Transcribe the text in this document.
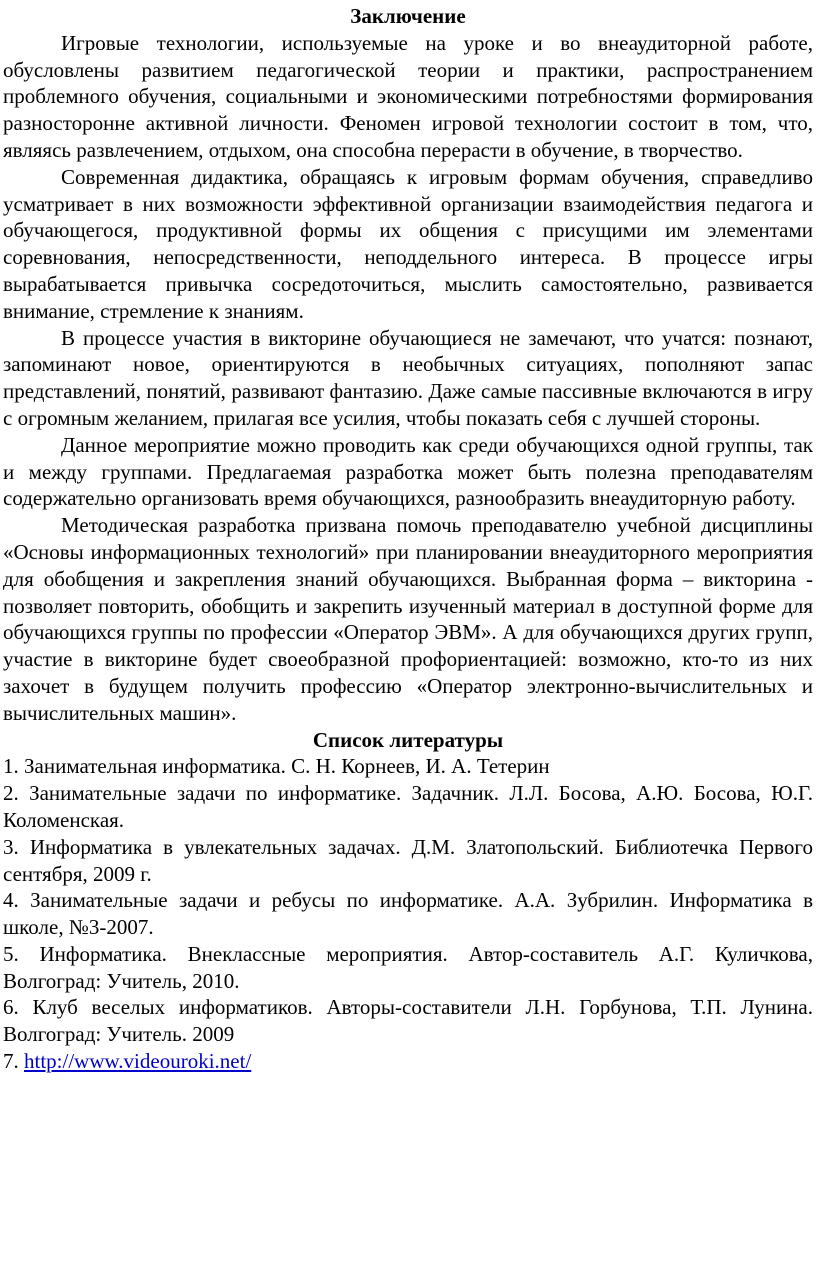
Заключение

Игровые технологии, используемые на уроке и во внеаудиторной работе, обусловлены развитием педагогической теории и практики, распространением проблемного обучения, социальными и экономическими потребностями формирования разносторонне активной личности. Феномен игровой технологии состоит в том, что, являясь развлечением, отдыхом, она способна перерасти в обучение, в творчество.

Современная дидактика, обращаясь к игровым формам обучения, справедливо усматривает в них возможности эффективной организации взаимодействия педагога и обучающегося, продуктивной формы их общения с присущими им элементами соревнования, непосредственности, неподдельного интереса. В процессе игры вырабатывается привычка сосредоточиться, мыслить самостоятельно, развивается внимание, стремление к знаниям.

В процессе участия в викторине обучающиеся не замечают, что учатся: познают, запоминают новое, ориентируются в необычных ситуациях, пополняют запас представлений, понятий, развивают фантазию. Даже самые пассивные включаются в игру с огромным желанием, прилагая все усилия, чтобы показать себя с лучшей стороны.

Данное мероприятие можно проводить как среди обучающихся одной группы, так и между группами. Предлагаемая разработка может быть полезна преподавателям содержательно организовать время обучающихся, разнообразить внеаудиторную работу.

Методическая разработка призвана помочь преподавателю учебной дисциплины «Основы информационных технологий» при планировании внеаудиторного мероприятия для обобщения и закрепления знаний обучающихся. Выбранная форма – викторина - позволяет повторить, обобщить и закрепить изученный материал в доступной форме для обучающихся группы по профессии «Оператор ЭВМ». А для обучающихся других групп, участие в викторине будет своеобразной профориентацией: возможно, кто-то из них захочет в будущем получить профессию «Оператор электронно-вычислительных и вычислительных машин».

Список литературы
1. Занимательная информатика. С. Н. Корнеев, И. А. Тетерин
2. Занимательные задачи по информатике. Задачник. Л.Л. Босова, А.Ю. Босова, Ю.Г. Коломенская.
3. Информатика в увлекательных задачах. Д.М. Златопольский. Библиотечка Первого сентября, 2009 г.
4. Занимательные задачи и ребусы по информатике. А.А. Зубрилин. Информатика в школе, №3-2007.
5. Информатика. Внеклассные мероприятия. Автор-составитель А.Г. Куличкова, Волгоград: Учитель, 2010.
6. Клуб веселых информатиков. Авторы-составители Л.Н. Горбунова, Т.П. Лунина. Волгоград: Учитель. 2009
7. http://www.videouroki.net/
